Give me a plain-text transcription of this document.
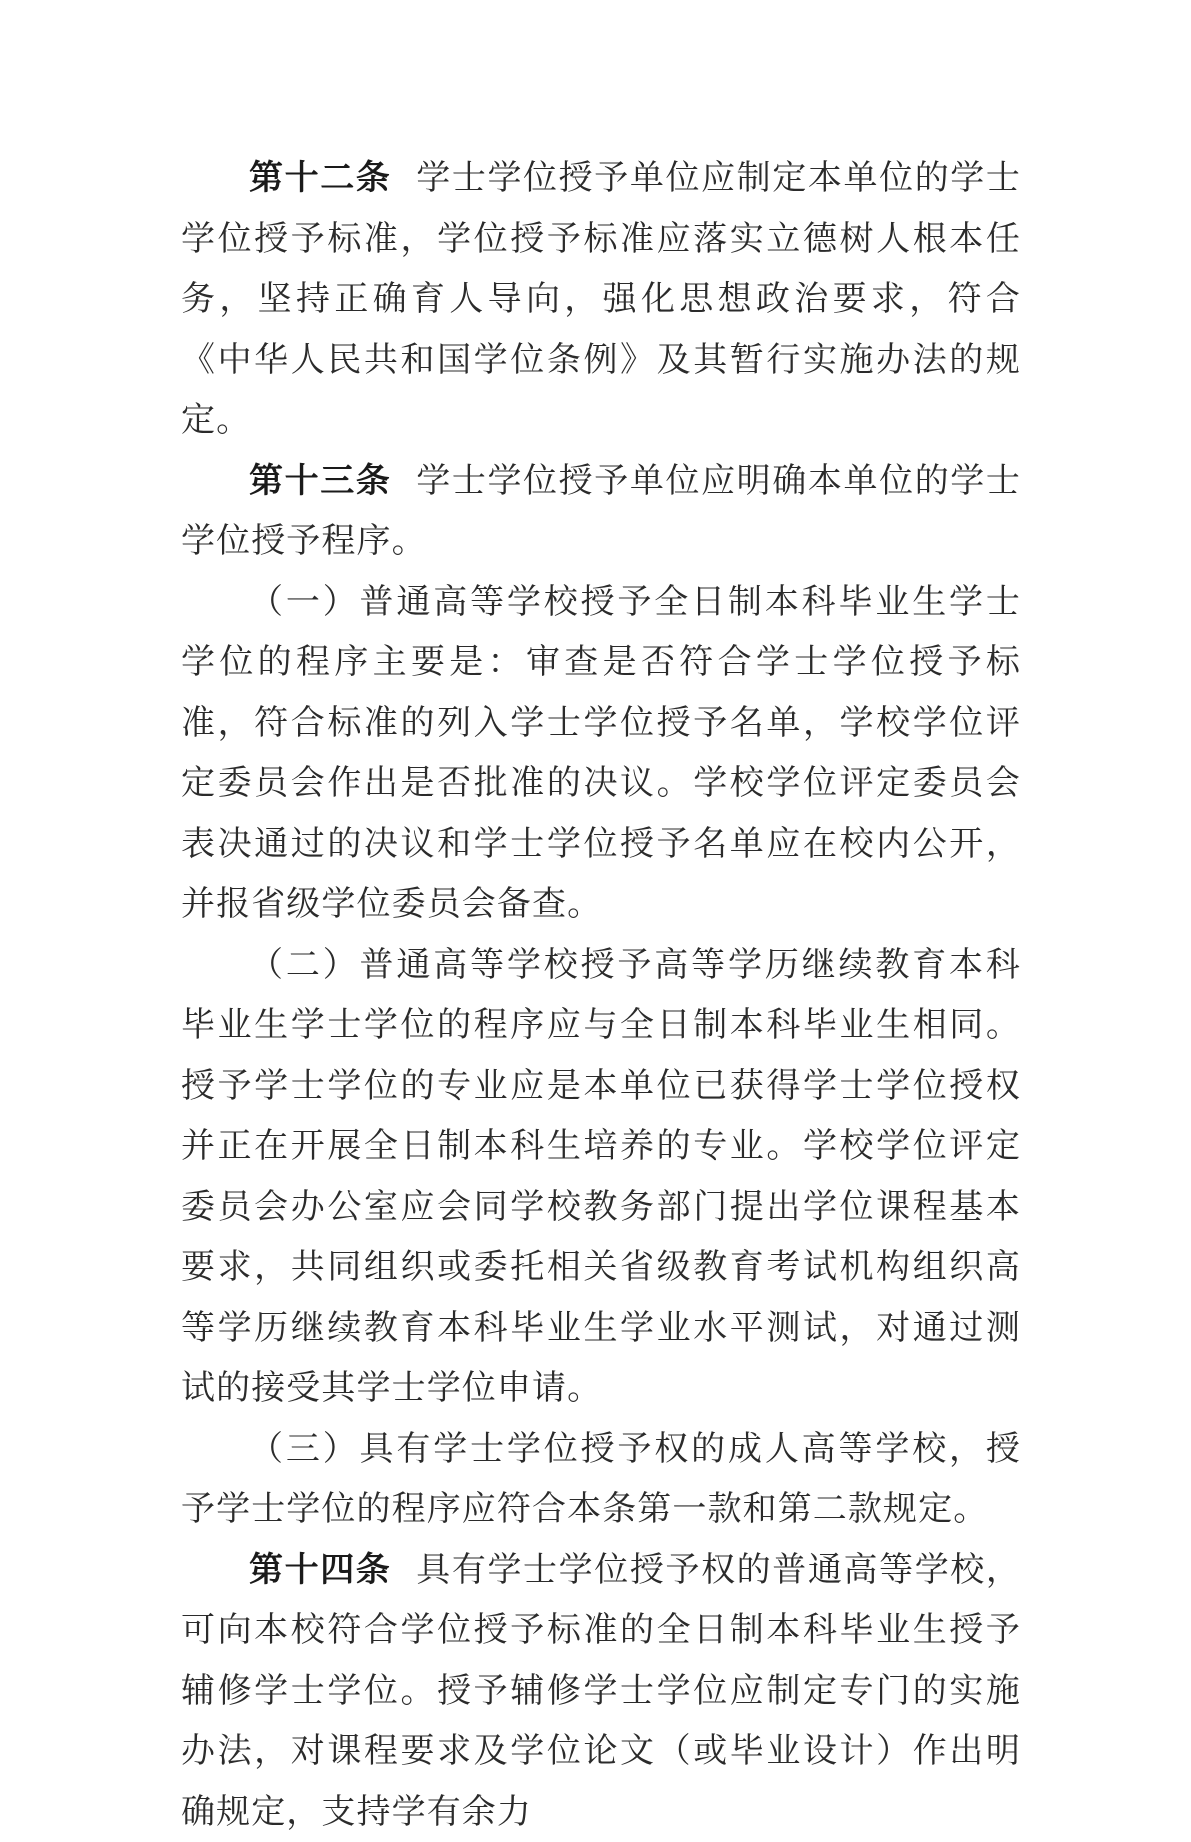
第十二条 学士学位授予单位应制定本单位的学士学位授予标准，学位授予标准应落实立德树人根本任务，坚持正确育人导向，强化思想政治要求，符合《中华人民共和国学位条例》及其暂行实施办法的规定。

第十三条 学士学位授予单位应明确本单位的学士学位授予程序。

（一）普通高等学校授予全日制本科毕业生学士学位的程序主要是：审查是否符合学士学位授予标准，符合标准的列入学士学位授予名单，学校学位评定委员会作出是否批准的决议。学校学位评定委员会表决通过的决议和学士学位授予名单应在校内公开，并报省级学位委员会备查。

（二）普通高等学校授予高等学历继续教育本科毕业生学士学位的程序应与全日制本科毕业生相同。授予学士学位的专业应是本单位已获得学士学位授权并正在开展全日制本科生培养的专业。学校学位评定委员会办公室应会同学校教务部门提出学位课程基本要求，共同组织或委托相关省级教育考试机构组织高等学历继续教育本科毕业生学业水平测试，对通过测试的接受其学士学位申请。

（三）具有学士学位授予权的成人高等学校，授予学士学位的程序应符合本条第一款和第二款规定。

第十四条 具有学士学位授予权的普通高等学校，可向本校符合学位授予标准的全日制本科毕业生授予辅修学士学位。授予辅修学士学位应制定专门的实施办法，对课程要求及学位论文（或毕业设计）作出明确规定，支持学有余力
